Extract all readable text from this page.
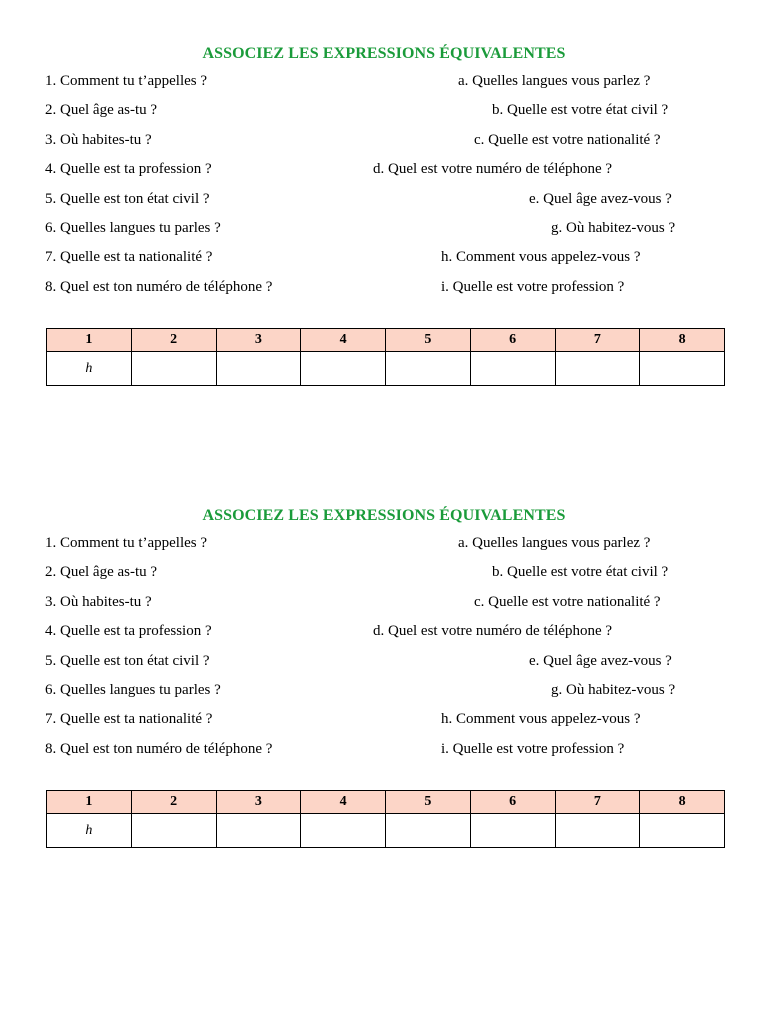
ASSOCIEZ LES EXPRESSIONS ÉQUIVALENTES
1. Comment tu t’appelles ?	a. Quelles langues vous parlez ?
2. Quel âge as-tu ?	b. Quelle est votre état civil ?
3. Où habites-tu ?	c. Quelle est votre nationalité ?
4. Quelle est ta profession ?	d. Quel est votre numéro de téléphone ?
5. Quelle est ton état civil ?	e. Quel âge avez-vous ?
6. Quelles langues tu parles ?	g. Où habitez-vous ?
7. Quelle est ta nationalité ?	h. Comment vous appelez-vous ?
8. Quel est ton numéro de téléphone ?	i. Quelle est votre profession ?
1	2	3	4	5	6	7	8
h							
ASSOCIEZ LES EXPRESSIONS ÉQUIVALENTES
1. Comment tu t’appelles ?	a. Quelles langues vous parlez ?
2. Quel âge as-tu ?	b. Quelle est votre état civil ?
3. Où habites-tu ?	c. Quelle est votre nationalité ?
4. Quelle est ta profession ?	d. Quel est votre numéro de téléphone ?
5. Quelle est ton état civil ?	e. Quel âge avez-vous ?
6. Quelles langues tu parles ?	g. Où habitez-vous ?
7. Quelle est ta nationalité ?	h. Comment vous appelez-vous ?
8. Quel est ton numéro de téléphone ?	i. Quelle est votre profession ?
1	2	3	4	5	6	7	8
h							
